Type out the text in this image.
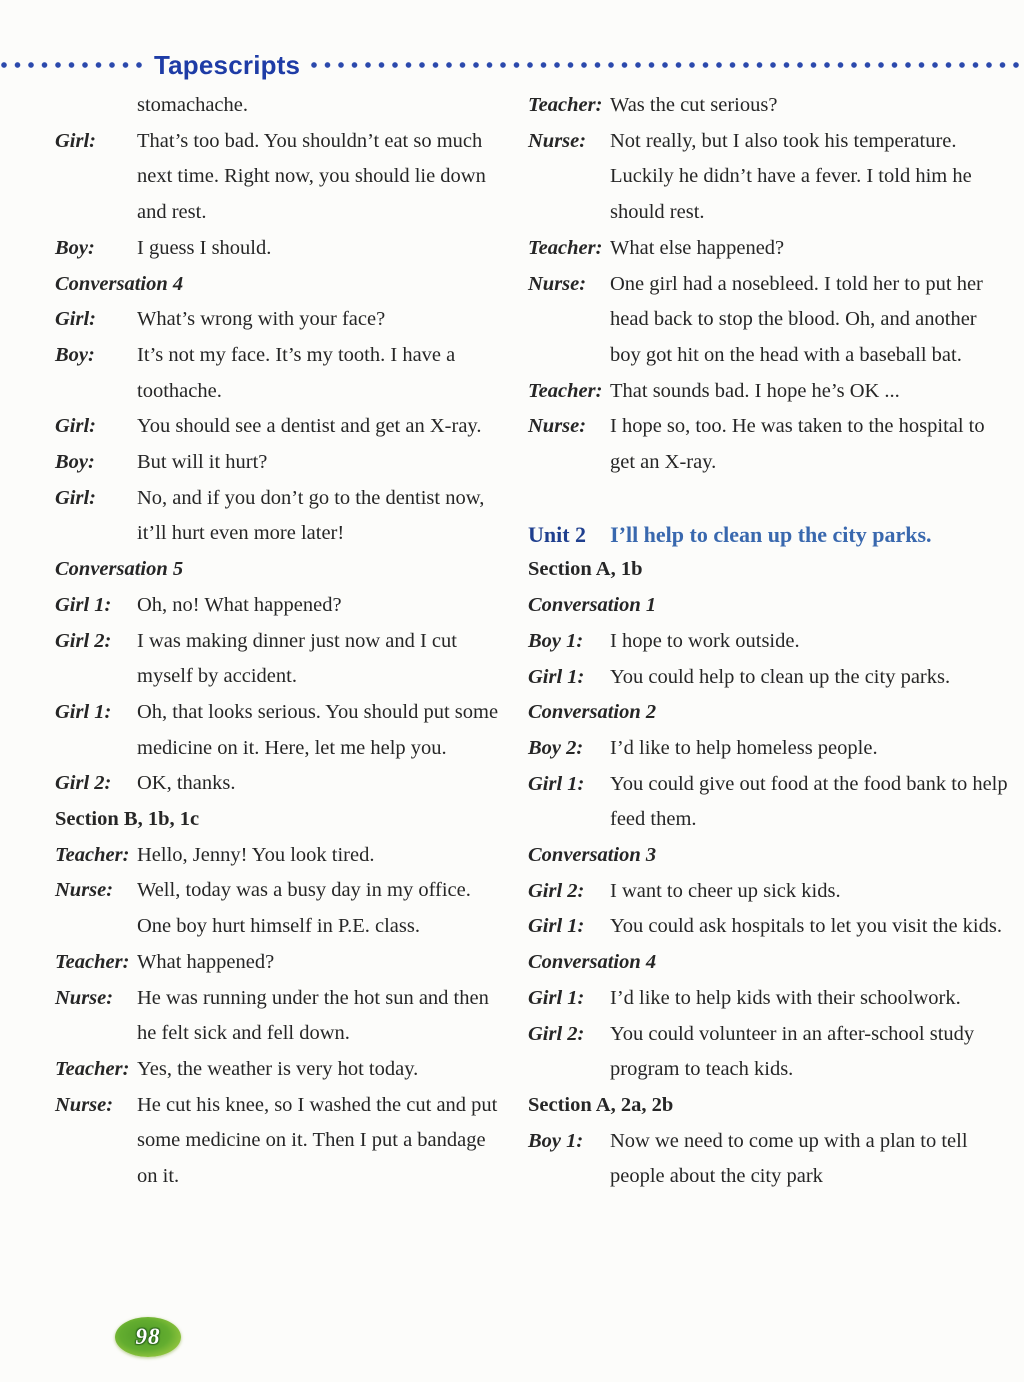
Tapescripts
stomachache.
Girl:	That’s too bad. You shouldn’t eat so much next time. Right now, you should lie down and rest.
Boy:	I guess I should.
Conversation 4
Girl:	What’s wrong with your face?
Boy:	It’s not my face. It’s my tooth. I have a toothache.
Girl:	You should see a dentist and get an X-ray.
Boy:	But will it hurt?
Girl:	No, and if you don’t go to the dentist now, it’ll hurt even more later!
Conversation 5
Girl 1:	Oh, no! What happened?
Girl 2:	I was making dinner just now and I cut myself by accident.
Girl 1:	Oh, that looks serious. You should put some medicine on it. Here, let me help you.
Girl 2:	OK, thanks.
Section B, 1b, 1c
Teacher: Hello, Jenny! You look tired.
Nurse:	Well, today was a busy day in my office. One boy hurt himself in P.E. class.
Teacher: What happened?
Nurse:	He was running under the hot sun and then he felt sick and fell down.
Teacher: Yes, the weather is very hot today.
Nurse:	He cut his knee, so I washed the cut and put some medicine on it. Then I put a bandage on it.
Teacher: Was the cut serious?
Nurse:	Not really, but I also took his temperature. Luckily he didn’t have a fever. I told him he should rest.
Teacher: What else happened?
Nurse:	One girl had a nosebleed. I told her to put her head back to stop the blood. Oh, and another boy got hit on the head with a baseball bat.
Teacher: That sounds bad. I hope he’s OK ...
Nurse:	I hope so, too. He was taken to the hospital to get an X-ray.
Unit 2 I’ll help to clean up the city parks.
Section A, 1b
Conversation 1
Boy 1:	I hope to work outside.
Girl 1:	You could help to clean up the city parks.
Conversation 2
Boy 2:	I’d like to help homeless people.
Girl 1:	You could give out food at the food bank to help feed them.
Conversation 3
Girl 2:	I want to cheer up sick kids.
Girl 1:	You could ask hospitals to let you visit the kids.
Conversation 4
Girl 1:	I’d like to help kids with their schoolwork.
Girl 2:	You could volunteer in an after-school study program to teach kids.
Section A, 2a, 2b
Boy 1:	Now we need to come up with a plan to tell people about the city park
98
